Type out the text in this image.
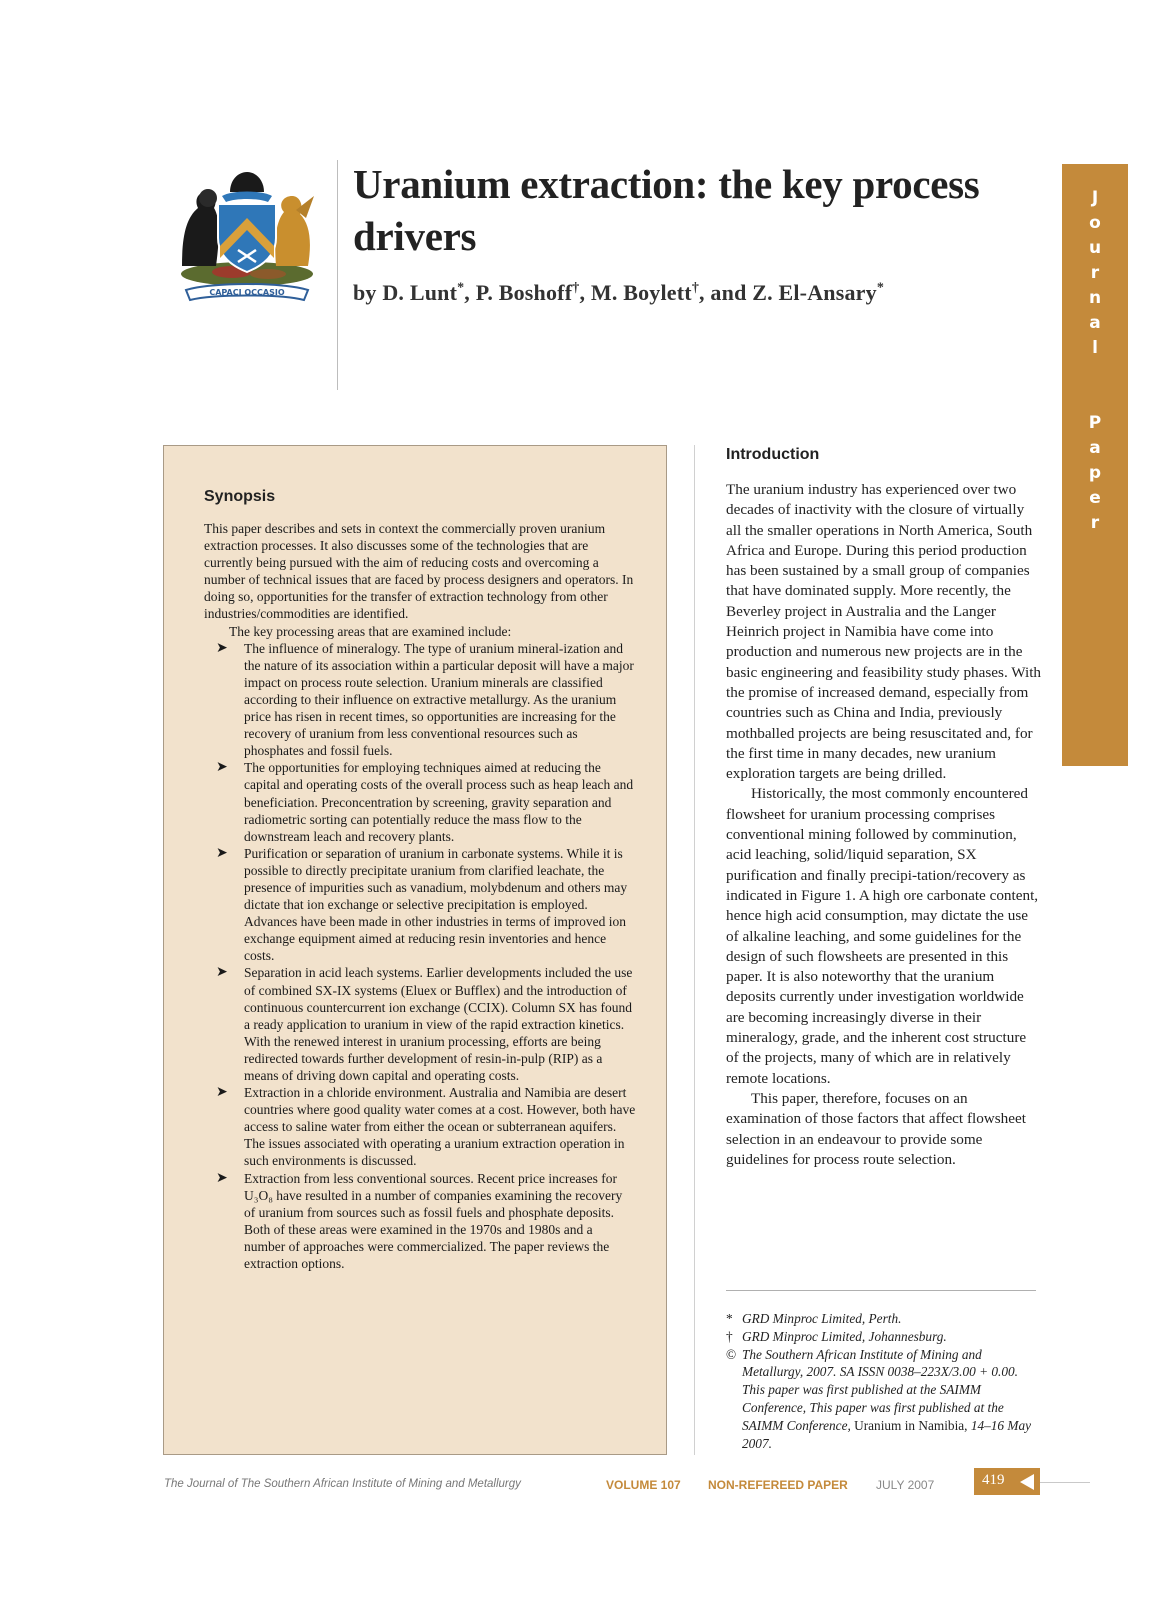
CAPACI OCCASIO
Uranium extraction: the key process drivers

by D. Lunt*, P. Boshoff†, M. Boylett†, and Z. El-Ansary*

J
o
u
r
n
a
l
P
a
p
e
r
Synopsis

This paper describes and sets in context the commercially proven uranium extraction processes. It also discusses some of the technologies that are currently being pursued with the aim of reducing costs and overcoming a number of technical issues that are faced by process designers and operators. In doing so, opportunities for the transfer of extraction technology from other industries/commodities are identified.

The key processing areas that are examined include:

➤ The influence of mineralogy. The type of uranium mineral-ization and the nature of its association within a particular deposit will have a major impact on process route selection. Uranium minerals are classified according to their influence on extractive metallurgy. As the uranium price has risen in recent times, so opportunities are increasing for the recovery of uranium from less conventional resources such as phosphates and fossil fuels.
➤ The opportunities for employing techniques aimed at reducing the capital and operating costs of the overall process such as heap leach and beneficiation. Preconcentration by screening, gravity separation and radiometric sorting can potentially reduce the mass flow to the downstream leach and recovery plants.
➤ Purification or separation of uranium in carbonate systems. While it is possible to directly precipitate uranium from clarified leachate, the presence of impurities such as vanadium, molybdenum and others may dictate that ion exchange or selective precipitation is employed. Advances have been made in other industries in terms of improved ion exchange equipment aimed at reducing resin inventories and hence costs.
➤ Separation in acid leach systems. Earlier developments included the use of combined SX-IX systems (Eluex or Bufflex) and the introduction of continuous countercurrent ion exchange (CCIX). Column SX has found a ready application to uranium in view of the rapid extraction kinetics. With the renewed interest in uranium processing, efforts are being redirected towards further development of resin-in-pulp (RIP) as a means of driving down capital and operating costs.
➤ Extraction in a chloride environment. Australia and Namibia are desert countries where good quality water comes at a cost. However, both have access to saline water from either the ocean or subterranean aquifers. The issues associated with operating a uranium extraction operation in such environments is discussed.
➤ Extraction from less conventional sources. Recent price increases for U₃O₈ have resulted in a number of companies examining the recovery of uranium from sources such as fossil fuels and phosphate deposits. Both of these areas were examined in the 1970s and 1980s and a number of approaches were commercialized. The paper reviews the extraction options.
Introduction

The uranium industry has experienced over two decades of inactivity with the closure of virtually all the smaller operations in North America, South Africa and Europe. During this period production has been sustained by a small group of companies that have dominated supply. More recently, the Beverley project in Australia and the Langer Heinrich project in Namibia have come into production and numerous new projects are in the basic engineering and feasibility study phases. With the promise of increased demand, especially from countries such as China and India, previously mothballed projects are being resuscitated and, for the first time in many decades, new uranium exploration targets are being drilled.

Historically, the most commonly encountered flowsheet for uranium processing comprises conventional mining followed by comminution, acid leaching, solid/liquid separation, SX purification and finally precipi-tation/recovery as indicated in Figure 1. A high ore carbonate content, hence high acid consumption, may dictate the use of alkaline leaching, and some guidelines for the design of such flowsheets are presented in this paper. It is also noteworthy that the uranium deposits currently under investigation worldwide are becoming increasingly diverse in their mineralogy, grade, and the inherent cost structure of the projects, many of which are in relatively remote locations.

This paper, therefore, focuses on an examination of those factors that affect flowsheet selection in an endeavour to provide some guidelines for process route selection.

* GRD Minproc Limited, Perth.
† GRD Minproc Limited, Johannesburg.
© The Southern African Institute of Mining and Metallurgy, 2007. SA ISSN 0038–223X/3.00 + 0.00. This paper was first published at the SAIMM Conference, This paper was first published at the SAIMM Conference, Uranium in Namibia, 14–16 May 2007.

The Journal of The Southern African Institute of Mining and Metallurgy	VOLUME 107 NON-REFEREED PAPER JULY 2007	419
